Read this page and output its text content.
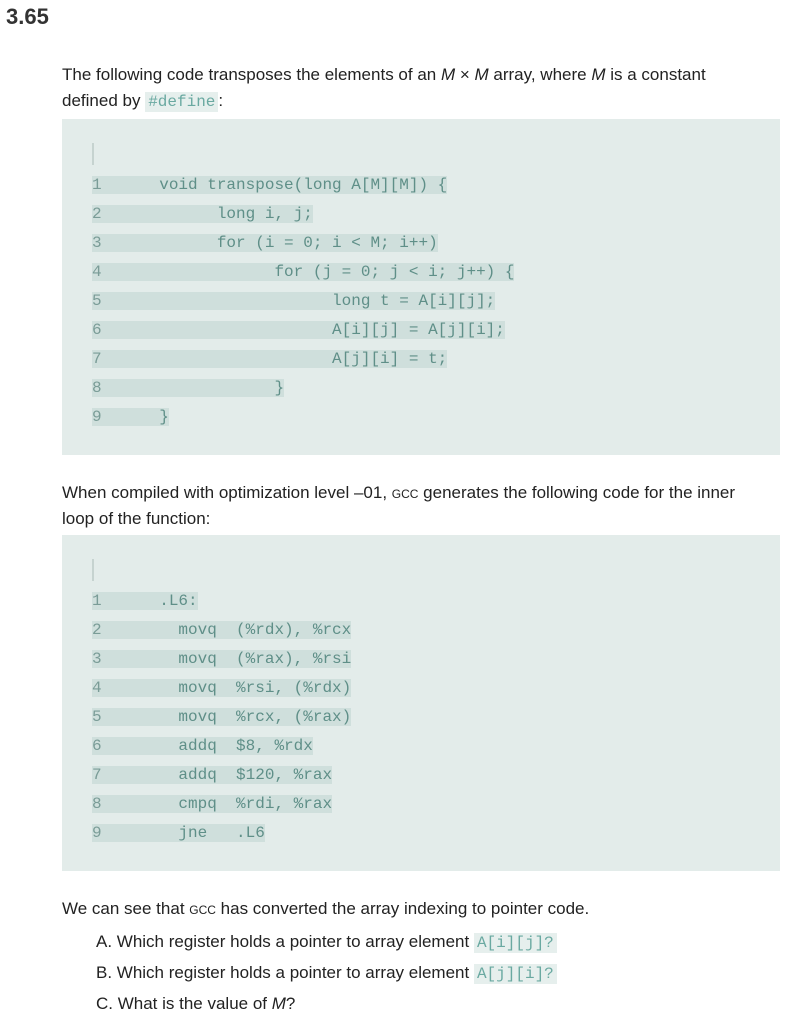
3.65

The following code transposes the elements of an M × M array, where M is a constant defined by #define :

1      void transpose(long A[M][M]) {
2            long i, j;
3            for (i = 0; i < M; i++)
4                  for (j = 0; j < i; j++) {
5                        long t = A[i][j];
6                        A[i][j] = A[j][i];
7                        A[j][i] = t;
8                  }
9      }

When compiled with optimization level –01, gcc generates the following code for the inner loop of the function:

1      .L6:
2        movq  (%rdx), %rcx
3        movq  (%rax), %rsi
4        movq  %rsi, (%rdx)
5        movq  %rcx, (%rax)
6        addq  $8, %rdx
7        addq  $120, %rax
8        cmpq  %rdi, %rax
9        jne   .L6

We can see that gcc has converted the array indexing to pointer code.

A. Which register holds a pointer to array element A[i][j]?
B. Which register holds a pointer to array element A[j][i]?
C. What is the value of M?
